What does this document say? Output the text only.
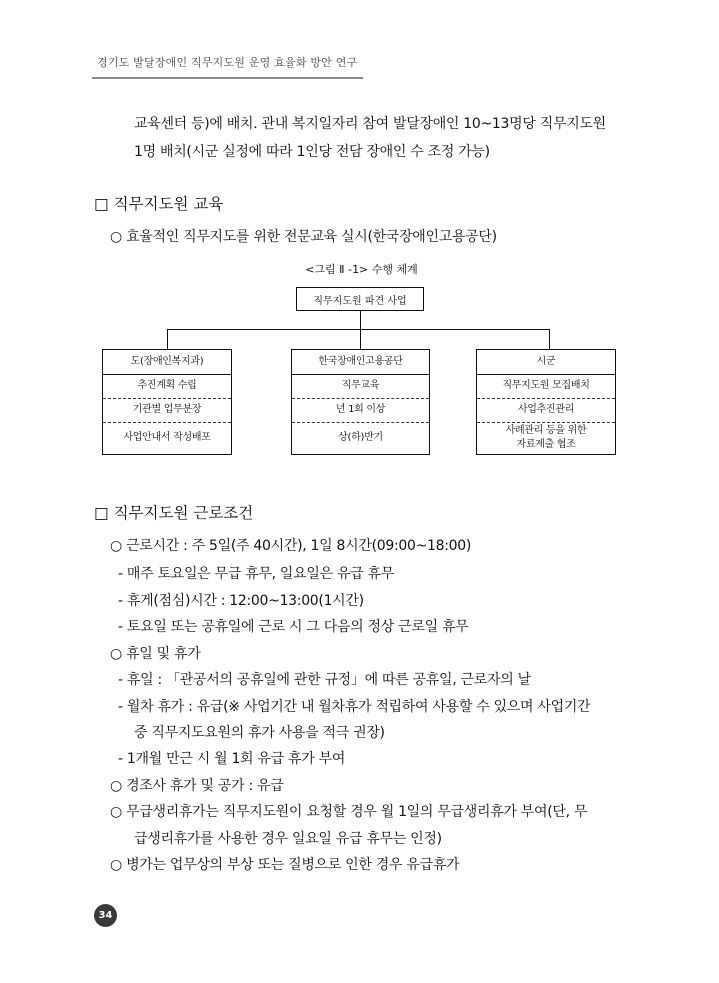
경기도 발달장애인 직무지도원 운영 효율화 방안 연구
교육센터 등)에 배치. 관내 복지일자리 참여 발달장애인 10~13명당 직무지도원
1명 배치(시군 실정에 따라 1인당 전담 장애인 수 조정 가능)
□ 직무지도원 교육
○ 효율적인 직무지도를 위한 전문교육 실시(한국장애인고용공단)
<그림 Ⅱ -1> 수행 체계
직무지도원 파견 사업
도(장애인복지과)
추진계획 수립
기관별 업무분장
사업안내서 작성배포
한국장애인고용공단
직무교육
년 1회 이상
상(하)반기
시군
직무지도원 모집배치
사업추진관리
사례관리 등을 위한
자료제출 협조
□ 직무지도원 근로조건
○ 근로시간 : 주 5일(주 40시간), 1일 8시간(09:00~18:00)
- 매주 토요일은 무급 휴무, 일요일은 유급 휴무
- 휴게(점심)시간 : 12:00~13:00(1시간)
- 토요일 또는 공휴일에 근로 시 그 다음의 정상 근로일 휴무
○ 휴일 및 휴가
- 휴일 : 「관공서의 공휴일에 관한 규정」에 따른 공휴일, 근로자의 날
- 월차 휴가 : 유급(※ 사업기간 내 월차휴가 적립하여 사용할 수 있으며 사업기간
중 직무지도요원의 휴가 사용을 적극 권장)
- 1개월 만근 시 월 1회 유급 휴가 부여
○ 경조사 휴가 및 공가 : 유급
○ 무급생리휴가는 직무지도원이 요청할 경우 월 1일의 무급생리휴가 부여(단, 무
급생리휴가를 사용한 경우 일요일 유급 휴무는 인정)
○ 병가는 업무상의 부상 또는 질병으로 인한 경우 유급휴가
34
